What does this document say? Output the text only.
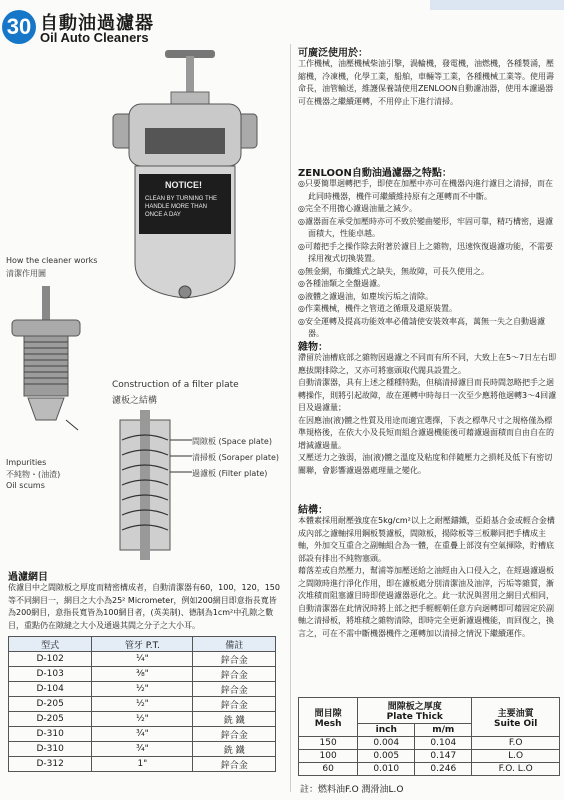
30 自動油過濾器
Oil Auto Cleaners
NOTICE!
CLEAN BY TURNING THE
HANDLE MORE THAN
ONCE A DAY
How the cleaner works
清潔作用圖
Impurities
不純物・(油渣)
Oil scums
Construction of a filter plate
濾板之結構
間隙板 (Space plate)
清掃板 (Soraper plate)
過濾板 (Filter plate)
可廣泛使用於：
工作機械，油壓機械柴油引擎，渦輪機，發電機，油燃機，各種製涌，壓縮機，冷凍機，化學工業，船舶，車輛等工業，各種機械工業等。使用壽命長，油管輸送，維護保養請使用ZENLOON自動濾油器，使用本濾過器可在機器之繼續運轉，不用停止下進行清掃。
ZENLOON自動油過濾器之特點：
◎只要簡單迴轉把手，即使在加壓中亦可在機器內進行濾目之清掃，而在此同時機器，機件可繼續維持原有之運轉而不中斷。
◎完全不用擔心濾過油量之減少。
◎濾器面在承受加壓時亦可不致於變曲變形，牢固可靠，精巧構密，過濾面積大，性能卓越。
◎可藉把手之操作除去附著於濾目上之雜物，迅速恢復過濾功能，不需要採用複式切換裝置。
◎無金網，布纖維式之缺失，無故障，可長久使用之。
◎各種油類之全盤過濾。
◎液體之濾過油，如塵埃污垢之清除。
◎作業機械，機件之管道之循環及還原裝置。
◎安全運轉及提高功能效率必備請使安裝效率高，萬無一失之自動過濾器。
雜物：
滯留於油槽底部之雜物因過濾之不同而有所不同，大致上在5〜7日左右即應拔開排除之，又亦可將塞頭取代閥具設置之。
自動清潔器，具有上述之種種特點，但稿清掃濾目而長時間忽略把手之迴轉操作，則將引起故障，故在運轉中時每日一次至少應將他迴轉3〜4回濾目及過濾量；
在因應油(液)體之性質及用途而適宜選擇，下表之標準尺寸之規格僅為標準規格後，在依大小及長短而組合濾過機能後可藉濾過面積而自由自在的增減濾過量。
又壓送力之強弱，油(液)體之溫度及粘度和伴隨壓力之損耗及低下有密切關聯，會影響濾過器處理量之變化。
結構：
本體素採用耐壓強度在5kg/cm²以上之耐壓鑄鐵，亞鉛基合金或輕合金構成內部之濾軸採用鋼板製濾板，間隙板，揚除板等三板聯同把手構成主軸，外加交互重合之副軸組合為一體，在重疊上部沒有空氣揮除，貯槽底部設有排出不純物塞頭。
藉落差或自然壓力，幫浦等加壓送給之油經由入口侵入之，在經過濾過板之間隙時進行淨化作用，即在濾板處分別清潔油及油滓，污垢等雜質，漸次堆積而阻塞濾目時即使過濾器惡化之。此一狀況與習用之網目式相同，自動清潔器在此情況時將上部之把手輕輕朝任意方向迴轉即可藉固定於副軸之清掃板，將堆積之雜物清除，即時完全更新濾過機能，而回復之，換言之，可在不需中斷機器機件之運轉加以清掃之情況下繼續運作。
過濾網目
依濾目中之間隙板之厚度而精密構成者，自動清潔器有60，100，120，150等不同網目一，網目之大小為25² Micrometer，例如200網目即意指長寬皆為200網目，意指長寬皆為100網目者，(英美制)、德制為1cm²中孔隙之數目，重點仍在隙縫之大小及通過其間之分子之大小耳。
型式	管牙 P.T.	備註
D-102	¼"	鋅合金
D-103	⅜"	鋅合金
D-104	½"	鋅合金
D-205	½"	鋅合金
D-205	½"	銑 鐵
D-310	¾"	鋅合金
D-310	¾"	銑 鐵
D-312	1"	鋅合金
間目隙
Mesh	間隙板之厚度
Plate Thick		主要油質
Suite Oil
	inch	m/m	
150	0.004	0.104	F.O
100	0.005	0.147	L.O
60	0.010	0.246	F.O. L.O
註：燃料油F.O 潤滑油L.O
